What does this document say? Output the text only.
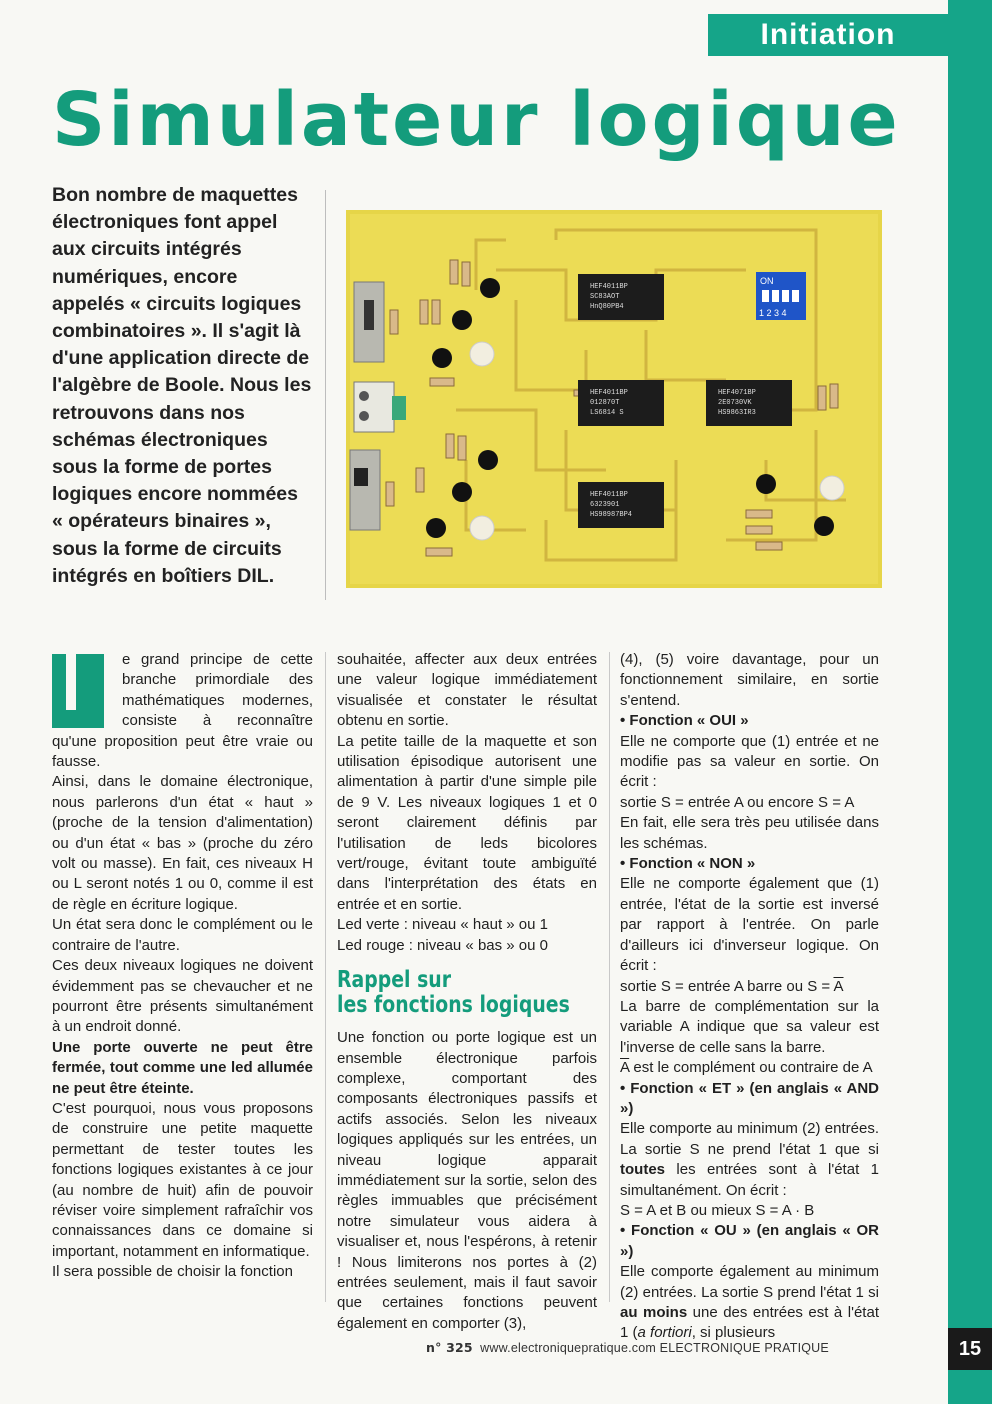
Initiation
Simulateur logique
Bon nombre de maquettes électroniques font appel aux circuits intégrés numériques, encore appelés « circuits logiques combinatoires ». Il s'agit là d'une application directe de l'algèbre de Boole. Nous les retrouvons dans nos schémas électroniques sous la forme de portes logiques encore nommées « opérateurs binaires », sous la forme de circuits intégrés en boîtiers DIL.
HEF4011BP
SC83AOT
HnQ80PB4
HEF4011BP
012870T
LS6814 S
HEF4071BP
2E0730VK
HS9863IR3
HEF4011BP
6323901
HS98987BP4
ON
1 2 3 4

e grand principe de cette branche primordiale des mathématiques modernes, consiste à reconnaître qu'une proposition peut être vraie ou fausse.

Ainsi, dans le domaine électronique, nous parlerons d'un état « haut » (proche de la tension d'alimentation) ou d'un état « bas » (proche du zéro volt ou masse). En fait, ces niveaux H ou L seront notés 1 ou 0, comme il est de règle en écriture logique.

Un état sera donc le complément ou le contraire de l'autre.

Ces deux niveaux logiques ne doivent évidemment pas se chevaucher et ne pourront être présents simultanément à un endroit donné.

Une porte ouverte ne peut être fermée, tout comme une led allumée ne peut être éteinte.

C'est pourquoi, nous vous proposons de construire une petite maquette permettant de tester toutes les fonctions logiques existantes à ce jour (au nombre de huit) afin de pouvoir réviser voire simplement rafraîchir vos connaissances dans ce domaine si important, notamment en informatique.

Il sera possible de choisir la fonction

souhaitée, affecter aux deux entrées une valeur logique immédiatement visualisée et constater le résultat obtenu en sortie.

La petite taille de la maquette et son utilisation épisodique autorisent une alimentation à partir d'une simple pile de 9 V. Les niveaux logiques 1 et 0 seront clairement définis par l'utilisation de leds bicolores vert/rouge, évitant toute ambiguïté dans l'interprétation des états en entrée et en sortie.

Led verte : niveau « haut » ou 1

Led rouge : niveau « bas » ou 0

Rappel sur
les fonctions logiques

Une fonction ou porte logique est un ensemble électronique parfois complexe, comportant des composants électroniques passifs et actifs associés. Selon les niveaux logiques appliqués sur les entrées, un niveau logique apparait immédiatement sur la sortie, selon des règles immuables que précisément notre simulateur vous aidera à visualiser et, nous l'espérons, à retenir ! Nous limiterons nos portes à (2) entrées seulement, mais il faut savoir que certaines fonctions peuvent également en comporter (3),

(4), (5) voire davantage, pour un fonctionnement similaire, en sortie s'entend.

• Fonction « OUI »

Elle ne comporte que (1) entrée et ne modifie pas sa valeur en sortie. On écrit :

sortie S = entrée A ou encore S = A

En fait, elle sera très peu utilisée dans les schémas.

• Fonction « NON »

Elle ne comporte également que (1) entrée, l'état de la sortie est inversé par rapport à l'entrée. On parle d'ailleurs ici d'inverseur logique. On écrit :

sortie S = entrée A barre ou $S = \overline{A}$

La barre de complémentation sur la variable A indique que sa valeur est l'inverse de celle sans la barre.

$\overline{A}$ est le complément ou contraire de A

• Fonction « ET » (en anglais « AND »)

Elle comporte au minimum (2) entrées. La sortie S ne prend l'état 1 que si toutes les entrées sont à l'état 1 simultanément. On écrit :

S = A et B ou mieux S = A · B

• Fonction « OU » (en anglais « OR »)

Elle comporte également au minimum (2) entrées. La sortie S prend l'état 1 si au moins une des entrées est à l'état 1 (a fortiori, si plusieurs

n° 325 www.electroniquepratique.com ELECTRONIQUE PRATIQUE	15
